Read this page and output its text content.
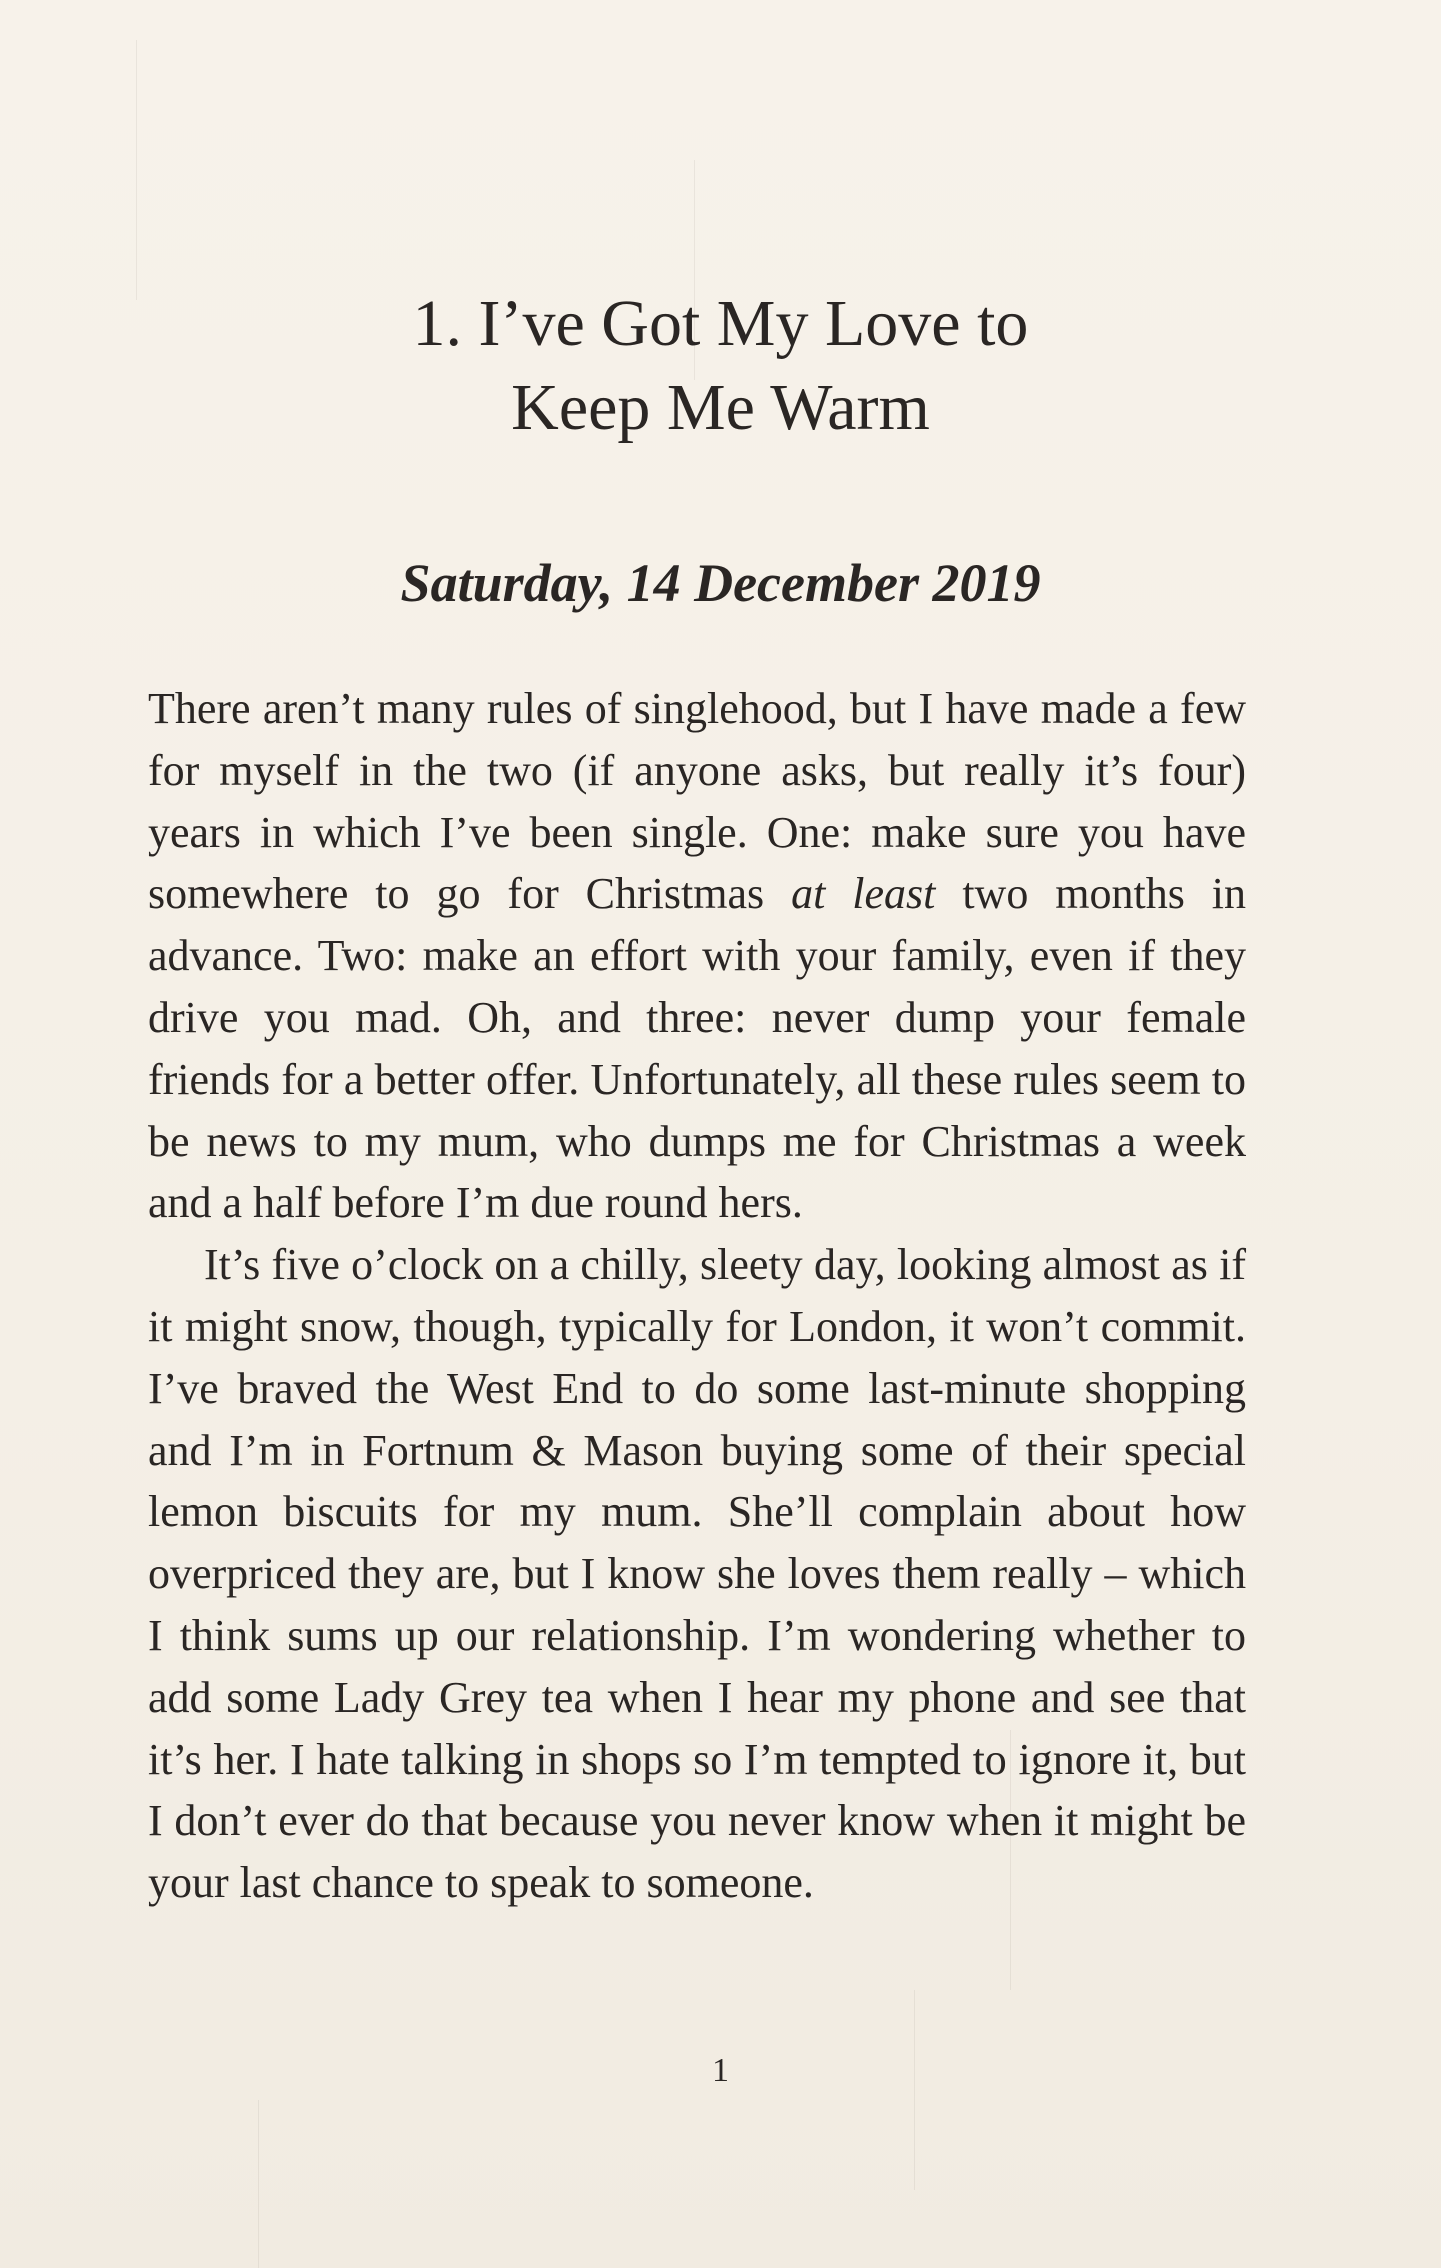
1. I’ve Got My Love to
Keep Me Warm
Saturday, 14 December 2019

There aren’t many rules of singlehood, but I have made a few for myself in the two (if anyone asks, but really it’s four) years in which I’ve been single. One: make sure you have somewhere to go for Christmas at least two months in advance. Two: make an effort with your family, even if they drive you mad. Oh, and three: never dump your female friends for a better offer. Unfortunately, all these rules seem to be news to my mum, who dumps me for Christmas a week and a half before I’m due round hers.

It’s five o’clock on a chilly, sleety day, looking almost as if it might snow, though, typically for London, it won’t commit. I’ve braved the West End to do some last-minute shopping and I’m in Fortnum & Mason buying some of their special lemon biscuits for my mum. She’ll complain about how overpriced they are, but I know she loves them really – which I think sums up our relationship. I’m wondering whether to add some Lady Grey tea when I hear my phone and see that it’s her. I hate talking in shops so I’m tempted to ignore it, but I don’t ever do that because you never know when it might be your last chance to speak to someone.

1
